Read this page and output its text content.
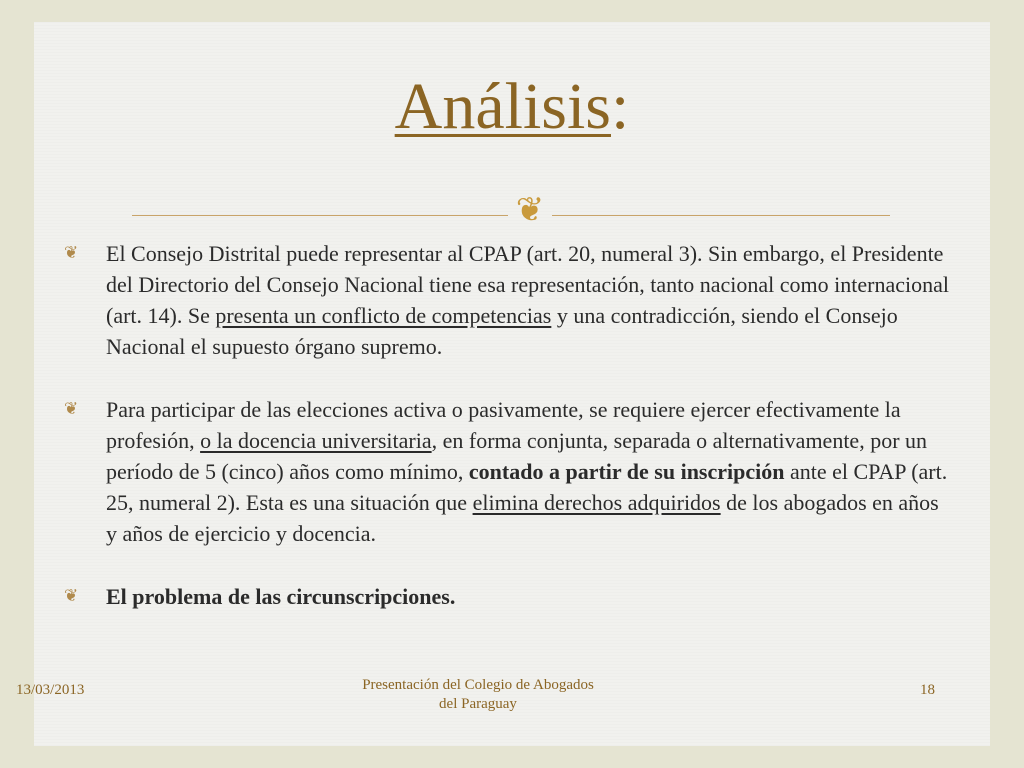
Análisis:
❦

❦	El Consejo Distrital puede representar al CPAP (art. 20, numeral 3). Sin embargo, el Presidente del Directorio del Consejo Nacional tiene esa representación, tanto nacional como internacional (art. 14). Se presenta un conflicto de competencias y una contradicción, siendo el Consejo Nacional el supuesto órgano supremo.

❦	Para participar de las elecciones activa o pasivamente, se requiere ejercer efectivamente la profesión, o la docencia universitaria, en forma conjunta, separada o alternativamente, por un período de 5 (cinco) años como mínimo, contado a partir de su inscripción ante el CPAP (art. 25, numeral 2). Esta es una situación que elimina derechos adquiridos de los abogados en años y años de ejercicio y docencia.

❦	El problema de las circunscripciones.

13/03/2013	Presentación del Colegio de Abogados
del Paraguay
18
